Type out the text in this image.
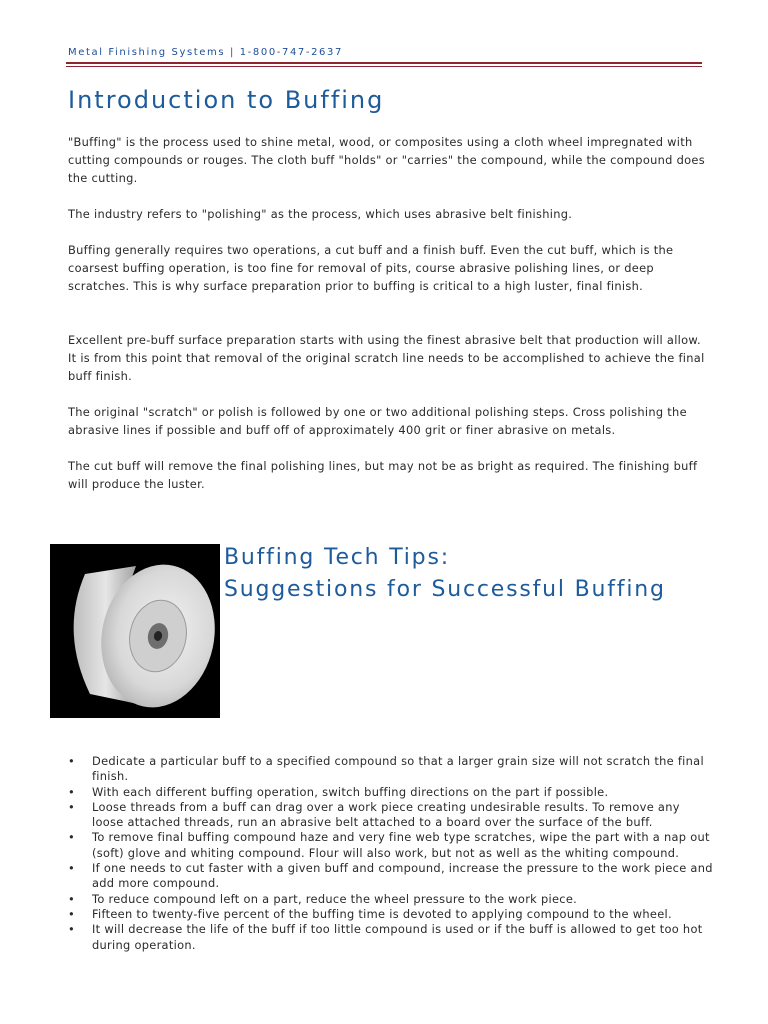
Metal Finishing Systems | 1-800-747-2637
Introduction to Buffing

"Buffing" is the process used to shine metal, wood, or composites using a cloth wheel impregnated with cutting compounds or rouges. The cloth buff "holds" or "carries" the compound, while the compound does the cutting.

The industry refers to "polishing" as the process, which uses abrasive belt finishing.

Buffing generally requires two operations, a cut buff and a finish buff. Even the cut buff, which is the coarsest buffing operation, is too fine for removal of pits, course abrasive polishing lines, or deep scratches. This is why surface preparation prior to buffing is critical to a high luster, final finish.

Excellent pre-buff surface preparation starts with using the finest abrasive belt that production will allow. It is from this point that removal of the original scratch line needs to be accomplished to achieve the final buff finish.

The original "scratch" or polish is followed by one or two additional polishing steps. Cross polishing the abrasive lines if possible and buff off of approximately 400 grit or finer abrasive on metals.

The cut buff will remove the final polishing lines, but may not be as bright as required. The finishing buff will produce the luster.

Buffing Tech Tips:
Suggestions for Successful Buffing
• Dedicate a particular buff to a specified compound so that a larger grain size will not scratch the final finish.
• With each different buffing operation, switch buffing directions on the part if possible.
• Loose threads from a buff can drag over a work piece creating undesirable results. To remove any loose attached threads, run an abrasive belt attached to a board over the surface of the buff.
• To remove final buffing compound haze and very fine web type scratches, wipe the part with a nap out (soft) glove and whiting compound. Flour will also work, but not as well as the whiting compound.
• If one needs to cut faster with a given buff and compound, increase the pressure to the work piece and add more compound.
• To reduce compound left on a part, reduce the wheel pressure to the work piece.
• Fifteen to twenty-five percent of the buffing time is devoted to applying compound to the wheel.
• It will decrease the life of the buff if too little compound is used or if the buff is allowed to get too hot during operation.
